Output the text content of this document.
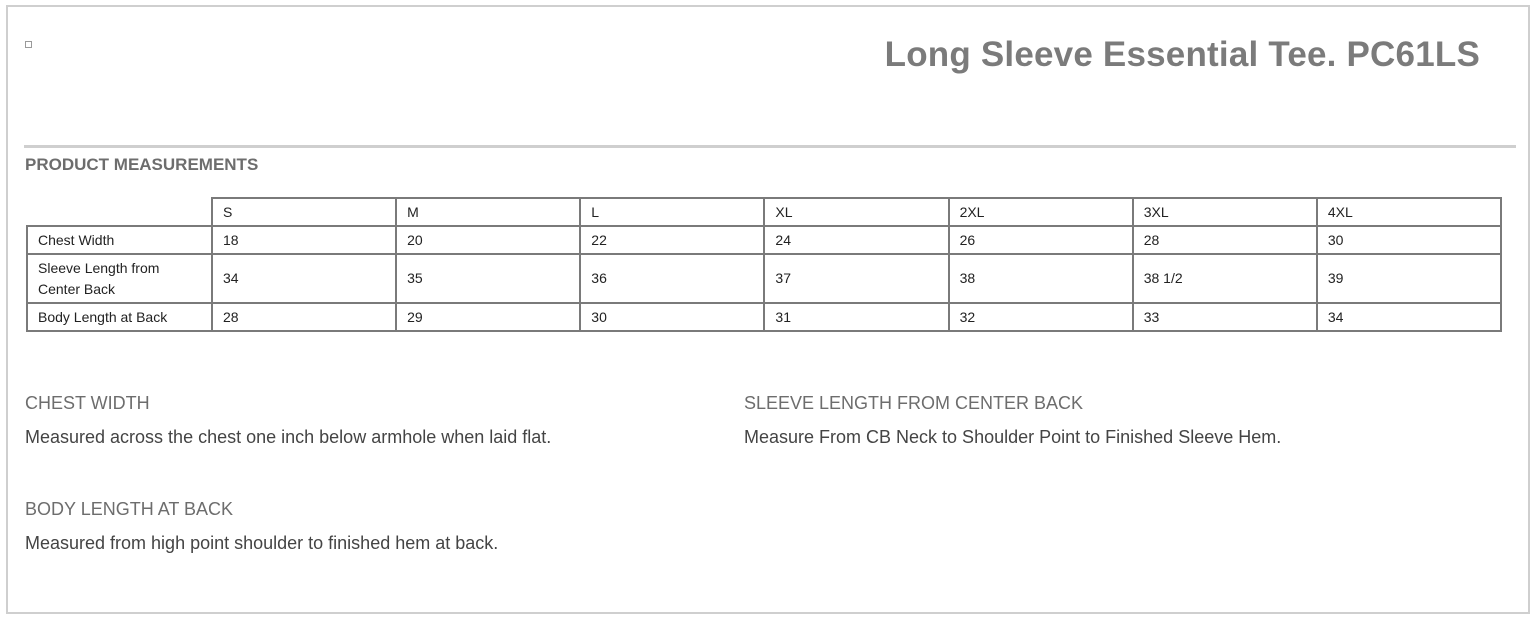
Long Sleeve Essential Tee. PC61LS
PRODUCT MEASUREMENTS
	S	M	L	XL	2XL	3XL	4XL
Chest Width	18	20	22	24	26	28	30
Sleeve Length from Center Back	34	35	36	37	38	38 1/2	39
Body Length at Back	28	29	30	31	32	33	34
CHEST WIDTH
Measured across the chest one inch below armhole when laid flat.
SLEEVE LENGTH FROM CENTER BACK
Measure From CB Neck to Shoulder Point to Finished Sleeve Hem.
BODY LENGTH AT BACK
Measured from high point shoulder to finished hem at back.
